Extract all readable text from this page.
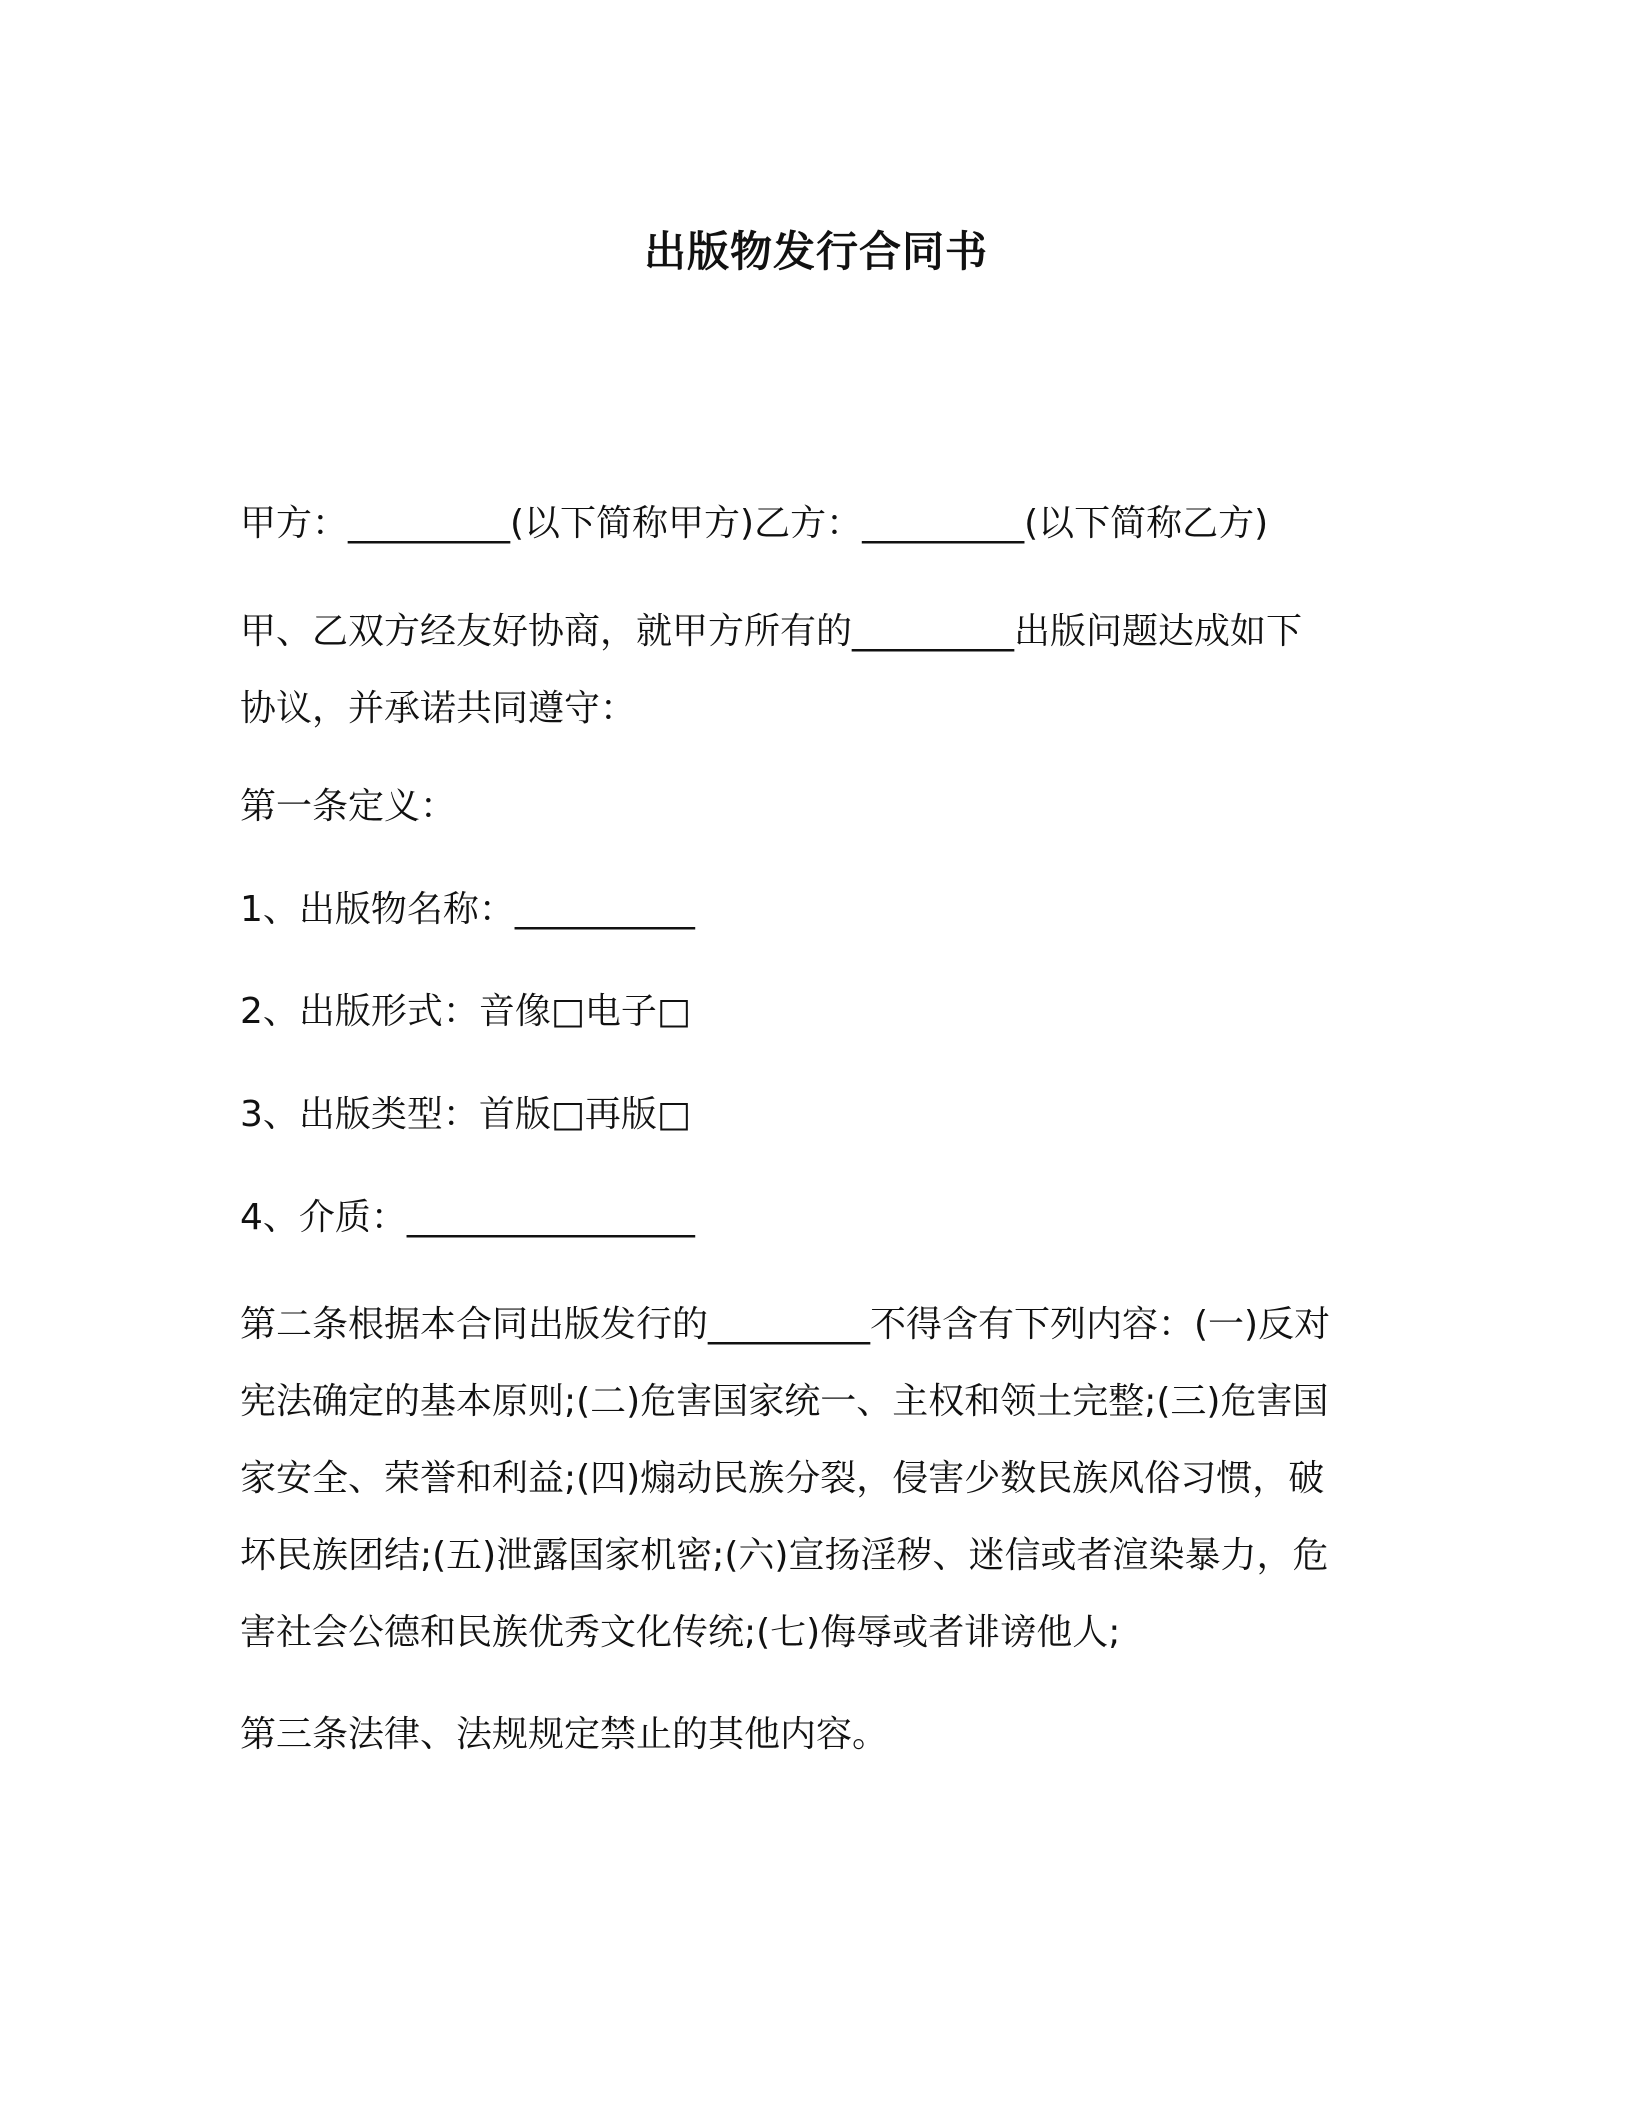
出版物发行合同书

甲方：_________(以下简称甲方)乙方：_________(以下简称乙方)

甲、乙双方经友好协商，就甲方所有的_________出版问题达成如下
协议，并承诺共同遵守：

第一条定义：

1、出版物名称：__________

2、出版形式：音像□电子□

3、出版类型：首版□再版□

4、介质：________________

第二条根据本合同出版发行的_________不得含有下列内容：(一)反对
宪法确定的基本原则;(二)危害国家统一、主权和领土完整;(三)危害国
家安全、荣誉和利益;(四)煽动民族分裂，侵害少数民族风俗习惯，破
坏民族团结;(五)泄露国家机密;(六)宣扬淫秽、迷信或者渲染暴力，危
害社会公德和民族优秀文化传统;(七)侮辱或者诽谤他人;

第三条法律、法规规定禁止的其他内容。
